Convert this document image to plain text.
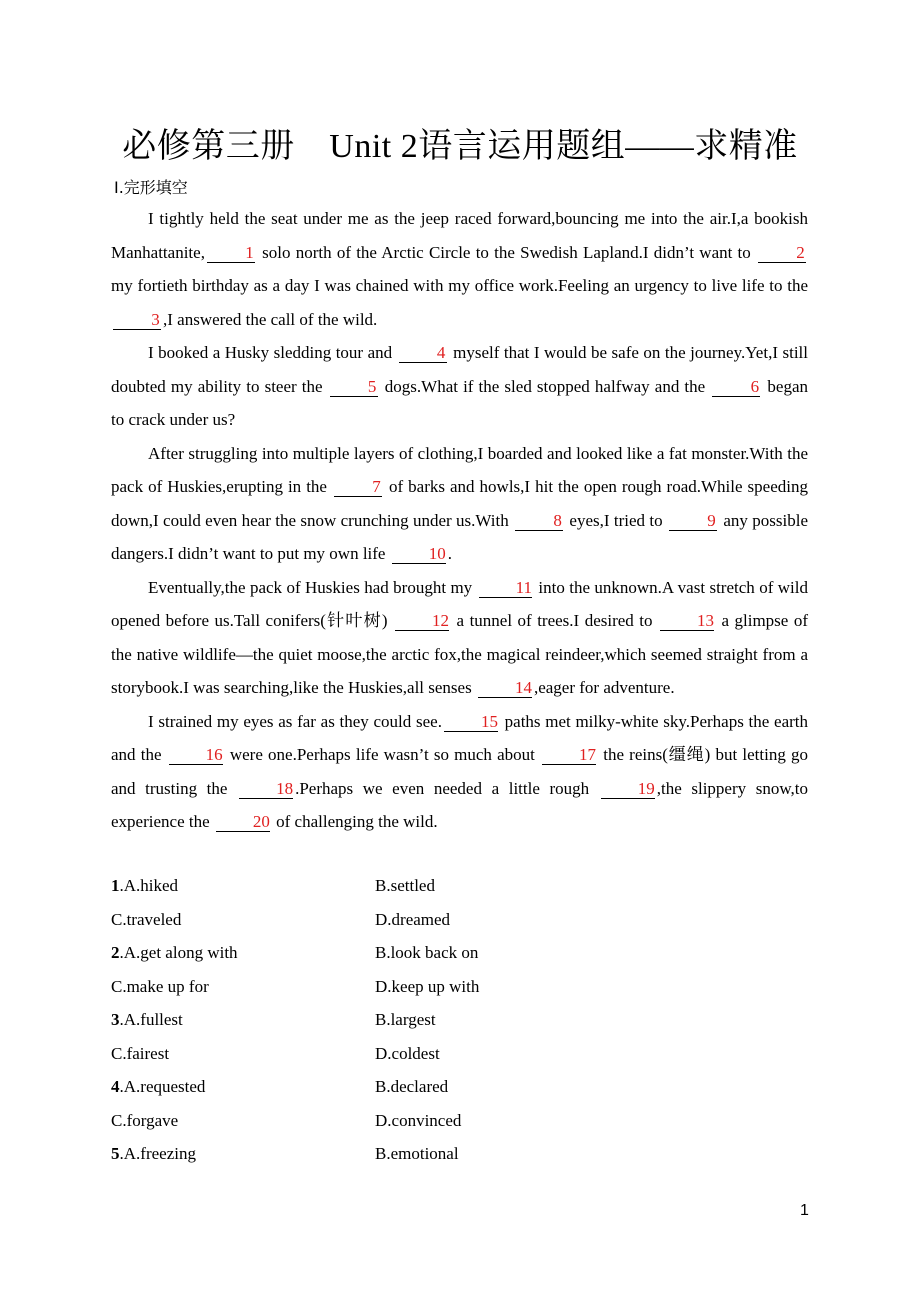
必修第三册　Unit 2语言运用题组——求精准
Ⅰ.完形填空

I tightly held the seat under me as the jeep raced forward,bouncing me into the air.I,a bookish Manhattanite, 1 solo north of the Arctic Circle to the Swedish Lapland.I didn’t want to 2 my fortieth birthday as a day I was chained with my office work.Feeling an urgency to live life to the 3 ,I answered the call of the wild.

I booked a Husky sledding tour and 4 myself that I would be safe on the journey.Yet,I still doubted my ability to steer the 5 dogs.What if the sled stopped halfway and the 6 began to crack under us?

After struggling into multiple layers of clothing,I boarded and looked like a fat monster.With the pack of Huskies,erupting in the 7 of barks and howls,I hit the open rough road.While speeding down,I could even hear the snow crunching under us.With 8 eyes,I tried to 9 any possible dangers.I didn’t want to put my own life 10 .

Eventually,the pack of Huskies had brought my 11 into the unknown.A vast stretch of wild opened before us.Tall conifers(针叶树) 12 a tunnel of trees.I desired to 13 a glimpse of the native wildlife—the quiet moose,the arctic fox,the magical reindeer,which seemed straight from a storybook.I was searching,like the Huskies,all senses 14 ,eager for adventure.

I strained my eyes as far as they could see. 15 paths met milky-white sky.Perhaps the earth and the 16 were one.Perhaps life wasn’t so much about 17 the reins(缰绳) but letting go and trusting the 18 .Perhaps we even needed a little rough 19 ,the slippery snow,to experience the 20 of challenging the wild.

1.A.hiked	B.settled
C.traveled	D.dreamed
2.A.get along with	B.look back on
C.make up for	D.keep up with
3.A.fullest	B.largest
C.fairest	D.coldest
4.A.requested	B.declared
C.forgave	D.convinced
5.A.freezing	B.emotional
1
